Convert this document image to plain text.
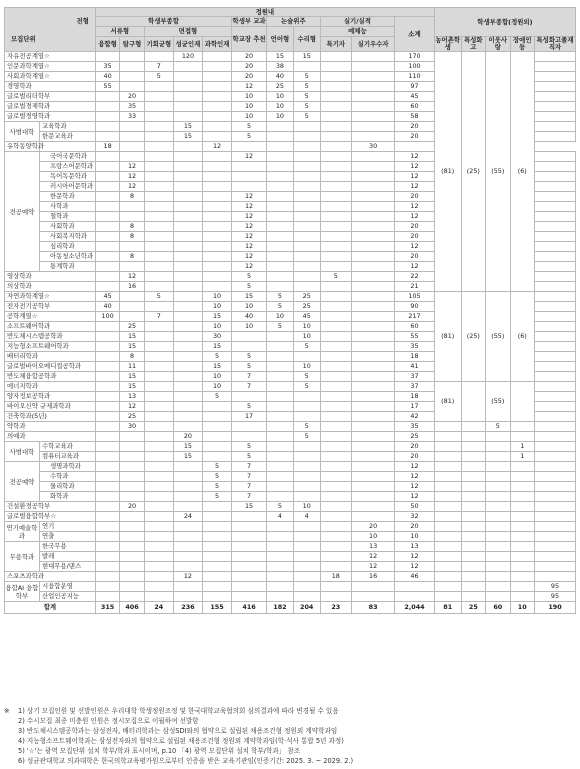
전형
모집단위		정원내											학생부종합(정원외)				
		학생부종합					학생부 교과	논술위주		실기/실적		소계					
		서류형		면접형			학교장 추천	언어형	수리형	예체능							
		융합형	탐구형	기회균형	성균인재	과학인재				특기자	실기우수자		농어촌학생	특성화고	이웃사랑	장애인등	특성화고졸재직자
자유전공계열☆					120		20	15	15			170	(81)	(25)	(55)	(6)	
인문과학계열☆		35		7			20	38				100					
사회과학계열☆		40		5			20	40	5			110					
경영학과		55					12	25	5			97					
글로벌리더학부			20				10	10	5			45					
글로벌경제학과			35				10	10	5			60					
글로벌경영학과			33				10	10	5			58					
사범대학	교육학과				15		5					20					
	한문교육과				15		5					20					
유학동양학과		18				12					30						
전공예약	국어국문학과						12					12					
	프랑스어문학과		12									12					
	독어독문학과		12									12					
	러시아어문학과		12									12					
	한문학과		8				12					20					
	사학과						12					12					
	철학과						12					12					
	사회학과		8				12					20					
	사회복지학과		8				12					20					
	심리학과						12					12					
	아동청소년학과		8				12					20					
	통계학과						12					12					
영상학과			12				5			5		22					
의상학과			16				5					21					
자연과학계열☆		45		5		10	15	5	25			105	(81)	(25)	(55)	(6)	
전자전기공학부		40				10	10	5	25			90					
공학계열☆		100		7		15	40	10	45			217					
소프트웨어학과			25			10	10	5	10			60					
반도체시스템공학과			15			30			10			55					
지능형소프트웨어학과			15			15			5			35					
배터리학과			8			5	5					18					
글로벌바이오메디컬공학과			11			15	5		10			41					
반도체융합공학과			15			10	7		5			37					
에너지학과			15			10	7		5			37	(81)		(55)		
양자정보공학과			13			5						18					
바이오신약 규제과학과			12				5					17					
건축학과(5년)			25				17					42					
약학과			30						5			35			5		
의예과					20				5			25					
사범대학	수학교육과				15		5					20				1	
	컴퓨터교육과				15		5					20				1	
전공예약	생명과학과					5	7					12					
	수학과					5	7					12					
	물리학과					5	7					12					
	화학과					5	7					12					
건설환경공학부			20				15	5	10			50					
글로벌융합학부☆					24			4	4			32					
연기예술학과	연기										20	20					
	연출										10	10					
무용학과	한국무용										13	13					
	발레										12	12					
	현대무용/댄스										12	12					
스포츠과학과					12					18	16	46					
융합AI 융합학부	시융합운영																95
	산업인공지능																95
합계		315	406	24	236	155	416	182	204	23	83	2,044	81	25	60	10	190
※ 1) 상기 모집인원 및 선발인원은 우리대학 학생정원조정 및 한국대학교육협의회 심의결과에 따라 변경될 수 있음
2) 수시모집 최종 미충원 인원은 정시모집으로 이월하여 선발함
3) 반도체시스템공학과는 삼성전자, 배터리학과는 삼성SDI와의 협약으로 설립된 채용조건형 정원외 계약학과임
4) 지능형소프트웨어학과는 삼성전자와의 협약으로 설립된 채용조건형 정원외 계약학과임(학·석사 통합 5년 과정)
5) '☆'는 광역 모집단위 설치 학부/학과 표시이며, p.10 「4) 광역 모집단위 설치 학부/학과」 참조
6) 성균관대학교 의과대학은 한국의학교육평가원으로부터 인증을 받은 교육기관임(인증기간: 2025. 3. ~ 2029. 2.)
